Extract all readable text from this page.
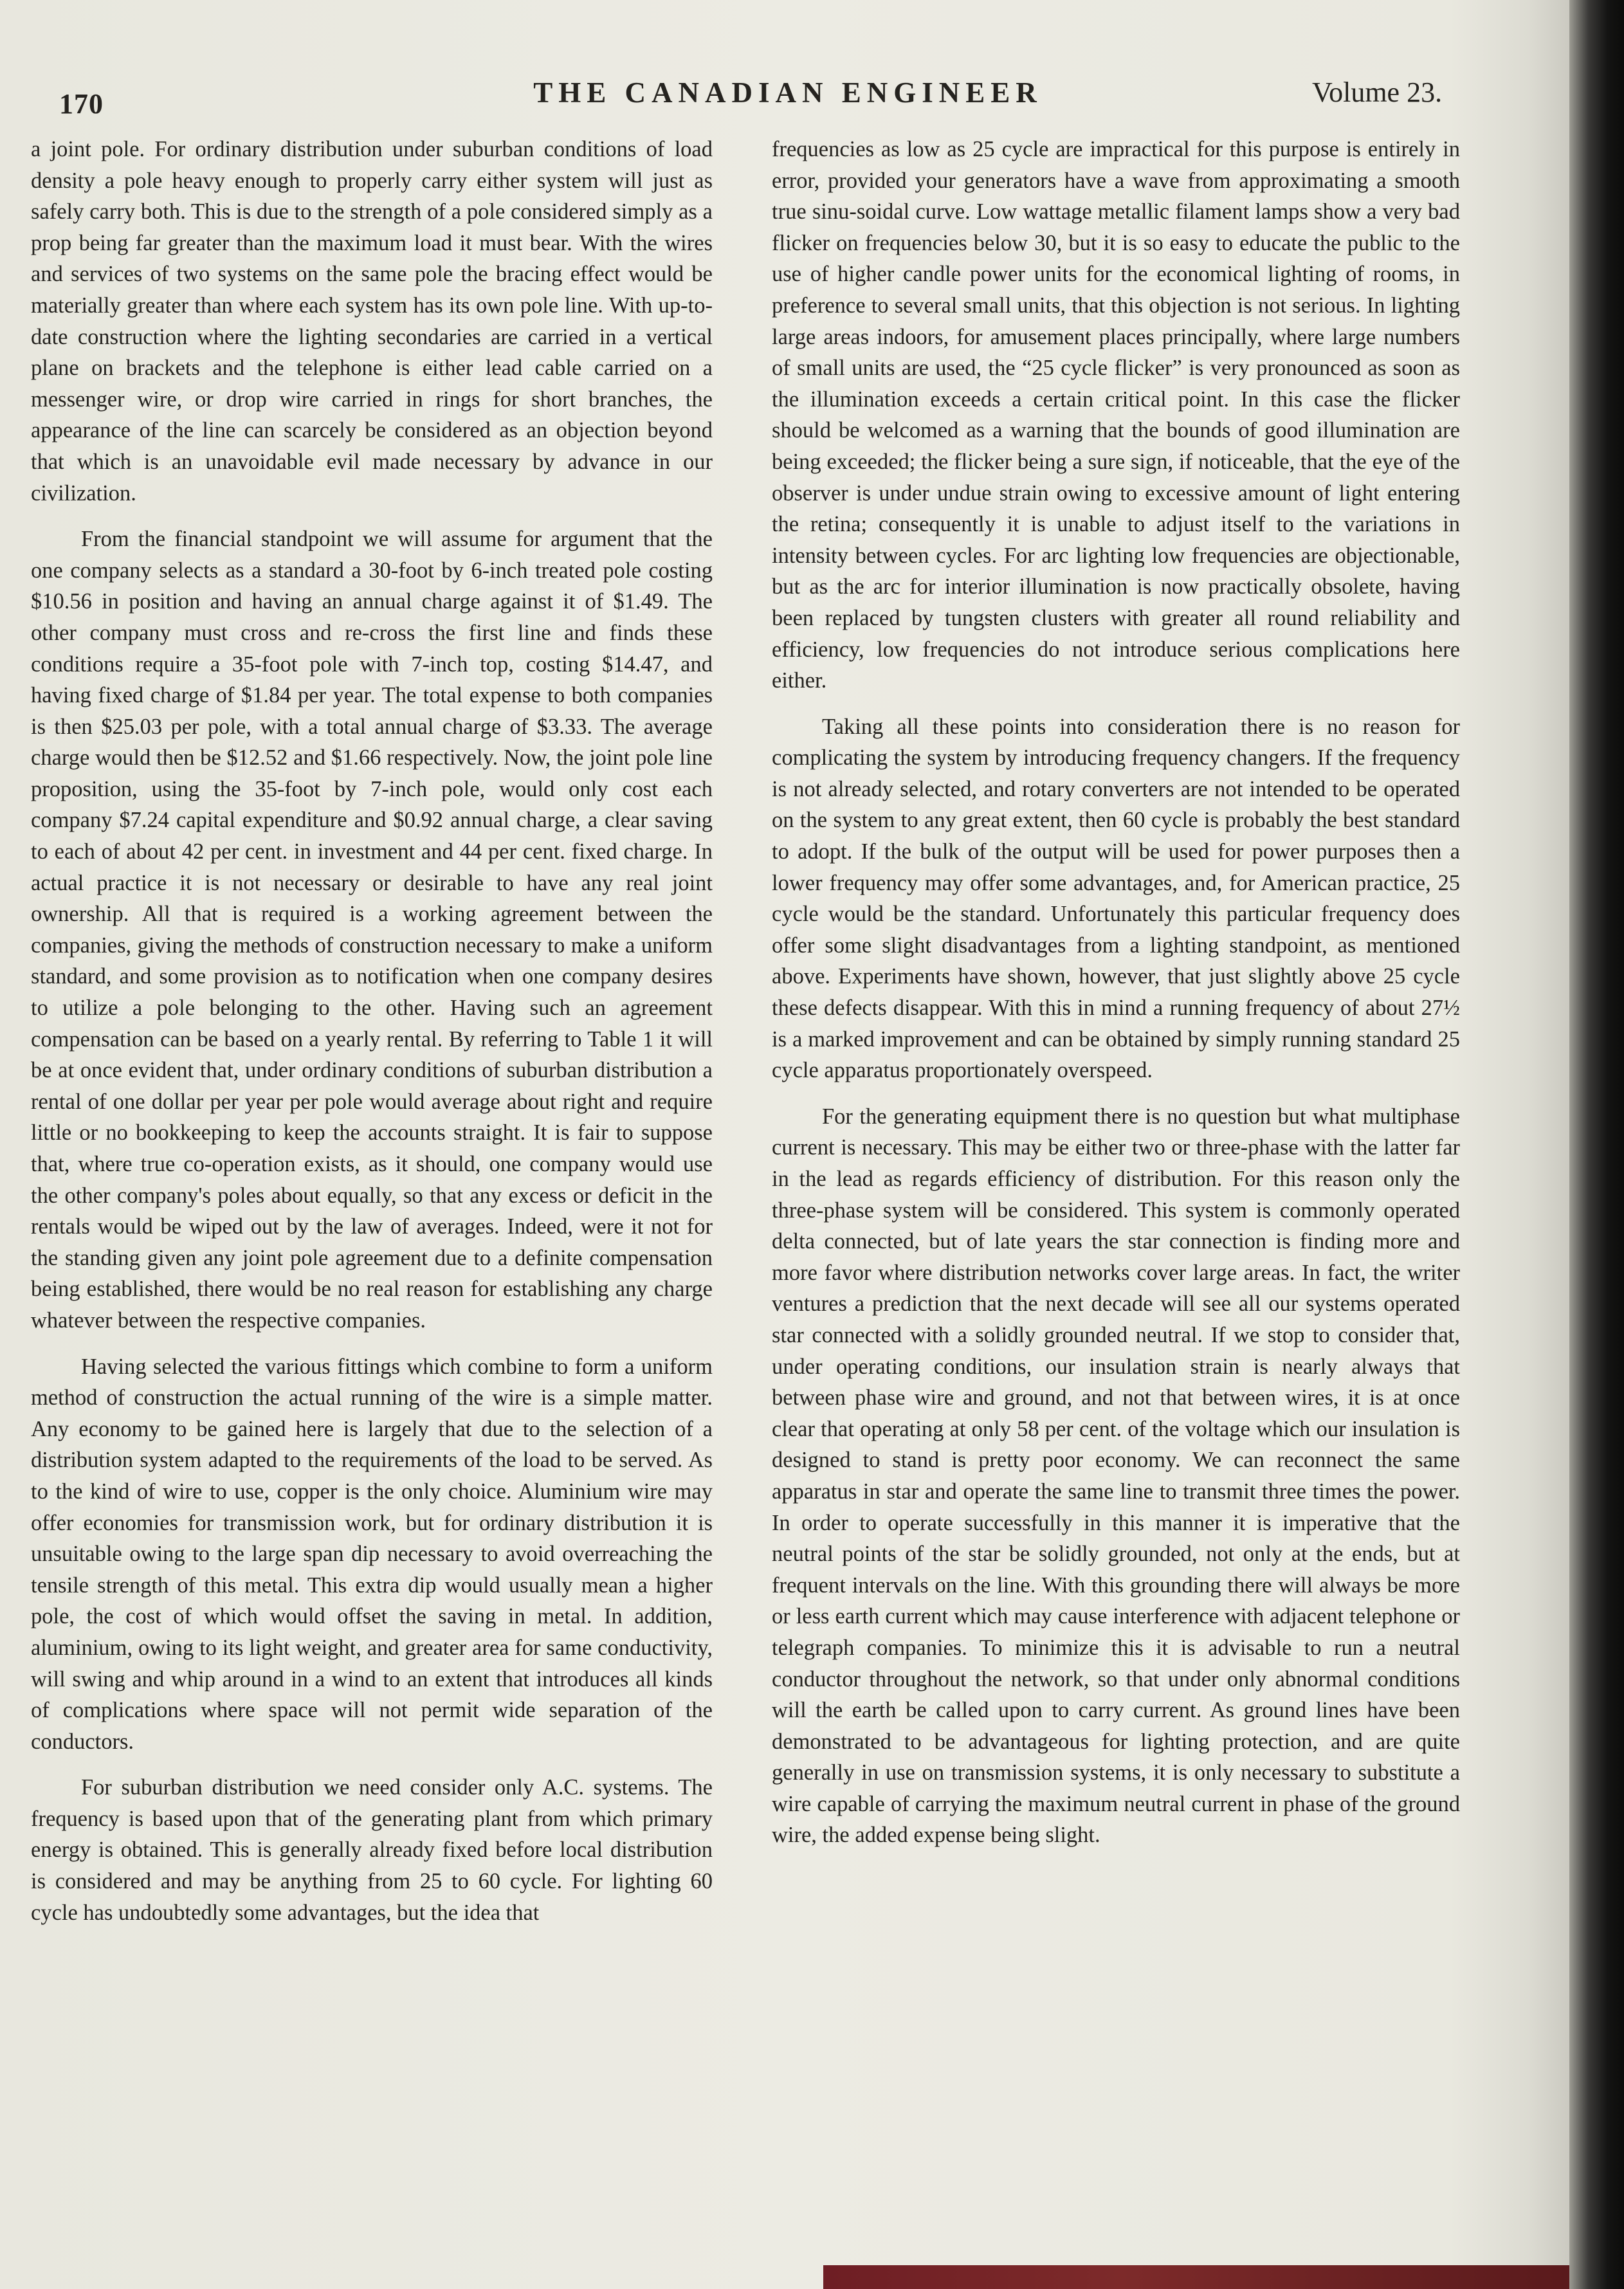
170	THE CANADIAN ENGINEER	Volume 23.

a joint pole. For ordinary distribution under suburban conditions of load density a pole heavy enough to properly carry either system will just as safely carry both. This is due to the strength of a pole considered simply as a prop being far greater than the maximum load it must bear. With the wires and services of two systems on the same pole the bracing effect would be materially greater than where each system has its own pole line. With up-to-date construction where the lighting secondaries are carried in a vertical plane on brackets and the telephone is either lead cable carried on a messenger wire, or drop wire carried in rings for short branches, the appearance of the line can scarcely be considered as an objection beyond that which is an unavoidable evil made necessary by advance in our civilization.

From the financial standpoint we will assume for argument that the one company selects as a standard a 30-foot by 6-inch treated pole costing $10.56 in position and having an annual charge against it of $1.49. The other company must cross and re-cross the first line and finds these conditions require a 35-foot pole with 7-inch top, costing $14.47, and having fixed charge of $1.84 per year. The total expense to both companies is then $25.03 per pole, with a total annual charge of $3.33. The average charge would then be $12.52 and $1.66 respectively. Now, the joint pole line proposition, using the 35-foot by 7-inch pole, would only cost each company $7.24 capital expenditure and $0.92 annual charge, a clear saving to each of about 42 per cent. in investment and 44 per cent. fixed charge. In actual practice it is not necessary or desirable to have any real joint ownership. All that is required is a working agreement between the companies, giving the methods of construction necessary to make a uniform standard, and some provision as to notification when one company desires to utilize a pole belonging to the other. Having such an agreement compensation can be based on a yearly rental. By referring to Table 1 it will be at once evident that, under ordinary conditions of suburban distribution a rental of one dollar per year per pole would average about right and require little or no bookkeeping to keep the accounts straight. It is fair to suppose that, where true co-operation exists, as it should, one company would use the other company's poles about equally, so that any excess or deficit in the rentals would be wiped out by the law of averages. Indeed, were it not for the standing given any joint pole agreement due to a definite compensation being established, there would be no real reason for establishing any charge whatever between the respective companies.

Having selected the various fittings which combine to form a uniform method of construction the actual running of the wire is a simple matter. Any economy to be gained here is largely that due to the selection of a distribution system adapted to the requirements of the load to be served. As to the kind of wire to use, copper is the only choice. Aluminium wire may offer economies for transmission work, but for ordinary distribution it is unsuitable owing to the large span dip necessary to avoid overreaching the tensile strength of this metal. This extra dip would usually mean a higher pole, the cost of which would offset the saving in metal. In addition, aluminium, owing to its light weight, and greater area for same conductivity, will swing and whip around in a wind to an extent that introduces all kinds of complications where space will not permit wide separation of the conductors.

For suburban distribution we need consider only A.C. systems. The frequency is based upon that of the generating plant from which primary energy is obtained. This is generally already fixed before local distribution is considered and may be anything from 25 to 60 cycle. For lighting 60 cycle has undoubtedly some advantages, but the idea that

frequencies as low as 25 cycle are impractical for this purpose is entirely in error, provided your generators have a wave from approximating a smooth true sinu-soidal curve. Low wattage metallic filament lamps show a very bad flicker on frequencies below 30, but it is so easy to educate the public to the use of higher candle power units for the economical lighting of rooms, in preference to several small units, that this objection is not serious. In lighting large areas indoors, for amusement places principally, where large numbers of small units are used, the “25 cycle flicker” is very pronounced as soon as the illumination exceeds a certain critical point. In this case the flicker should be welcomed as a warning that the bounds of good illumination are being exceeded; the flicker being a sure sign, if noticeable, that the eye of the observer is under undue strain owing to excessive amount of light entering the retina; consequently it is unable to adjust itself to the variations in intensity between cycles. For arc lighting low frequencies are objectionable, but as the arc for interior illumination is now practically obsolete, having been replaced by tungsten clusters with greater all round reliability and efficiency, low frequencies do not introduce serious complications here either.

Taking all these points into consideration there is no reason for complicating the system by introducing frequency changers. If the frequency is not already selected, and rotary converters are not intended to be operated on the system to any great extent, then 60 cycle is probably the best standard to adopt. If the bulk of the output will be used for power purposes then a lower frequency may offer some advantages, and, for American practice, 25 cycle would be the standard. Unfortunately this particular frequency does offer some slight disadvantages from a lighting standpoint, as mentioned above. Experiments have shown, however, that just slightly above 25 cycle these defects disappear. With this in mind a running frequency of about 27½ is a marked improvement and can be obtained by simply running standard 25 cycle apparatus proportionately overspeed.

For the generating equipment there is no question but what multiphase current is necessary. This may be either two or three-phase with the latter far in the lead as regards efficiency of distribution. For this reason only the three-phase system will be considered. This system is commonly operated delta connected, but of late years the star connection is finding more and more favor where distribution networks cover large areas. In fact, the writer ventures a prediction that the next decade will see all our systems operated star connected with a solidly grounded neutral. If we stop to consider that, under operating conditions, our insulation strain is nearly always that between phase wire and ground, and not that between wires, it is at once clear that operating at only 58 per cent. of the voltage which our insulation is designed to stand is pretty poor economy. We can reconnect the same apparatus in star and operate the same line to transmit three times the power. In order to operate successfully in this manner it is imperative that the neutral points of the star be solidly grounded, not only at the ends, but at frequent intervals on the line. With this grounding there will always be more or less earth current which may cause interference with adjacent telephone or telegraph companies. To minimize this it is advisable to run a neutral conductor throughout the network, so that under only abnormal conditions will the earth be called upon to carry current. As ground lines have been demonstrated to be advantageous for lighting protection, and are quite generally in use on transmission systems, it is only necessary to substitute a wire capable of carrying the maximum neutral current in phase of the ground wire, the added expense being slight.
